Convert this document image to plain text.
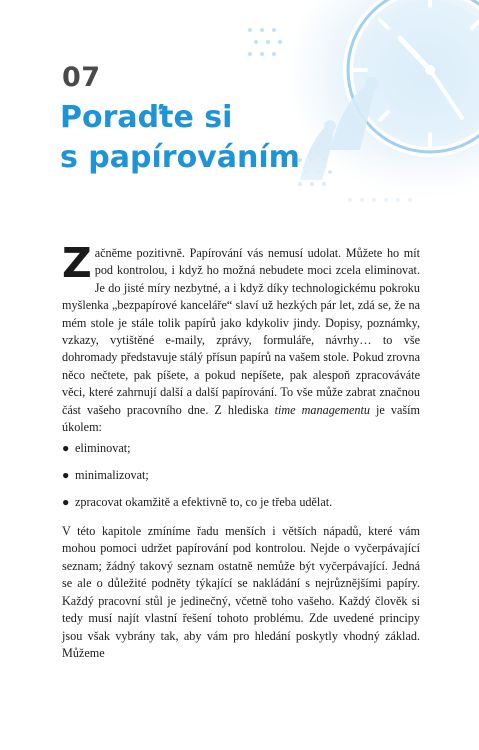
07
Poraďte si
s papírováním

Začněme pozitivně. Papírování vás nemusí udolat. Můžete ho mít pod kontrolou, i když ho možná nebudete moci zcela eliminovat. Je do jisté míry nezbytné, a i když díky technologickému pokroku myšlenka „bezpapírové kanceláře“ slaví už hezkých pár let, zdá se, že na mém stole je stále tolik papírů jako kdykoliv jindy. Dopisy, poznámky, vzkazy, vytištěné e-maily, zprávy, formuláře, návrhy… to vše dohromady představuje stálý přísun papírů na vašem stole. Pokud zrovna něco nečtete, pak píšete, a pokud nepíšete, pak alespoň zpracováváte věci, které zahrnují další a další papírování. To vše může zabrat značnou část vašeho pracovního dne. Z hlediska time managementu je vaším úkolem:

● eliminovat;
● minimalizovat;
● zpracovat okamžitě a efektivně to, co je třeba udělat.

V této kapitole zmíníme řadu menších i větších nápadů, které vám mohou pomoci udržet papírování pod kontrolou. Nejde o vyčerpávající seznam; žádný takový seznam ostatně nemůže být vyčerpávající. Jedná se ale o důležité podněty týkající se nakládání s nejrůznějšími papíry. Každý pracovní stůl je jedinečný, včetně toho vašeho. Každý člověk si tedy musí najít vlastní řešení tohoto problému. Zde uvedené principy jsou však vybrány tak, aby vám pro hledání poskytly vhodný základ. Můžeme
